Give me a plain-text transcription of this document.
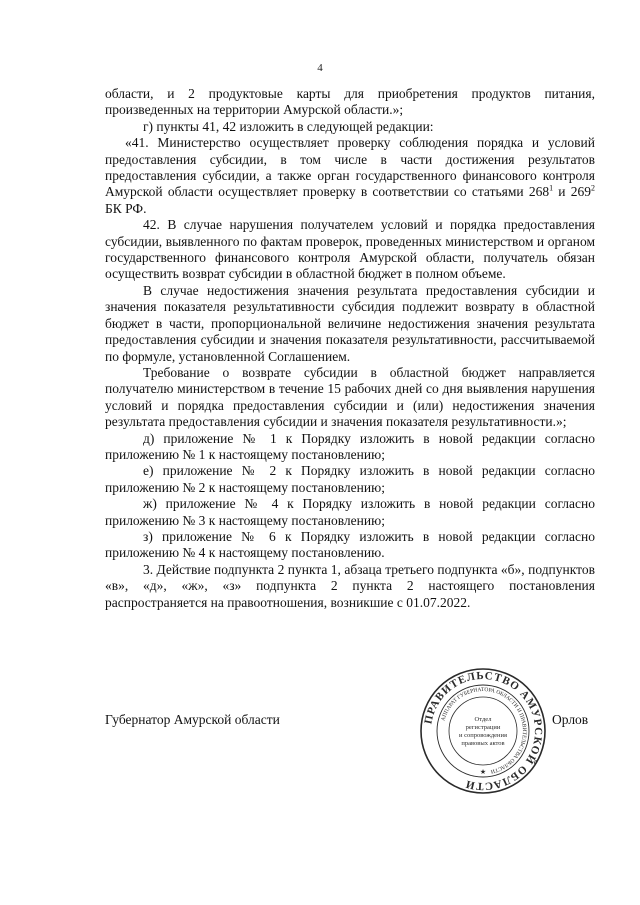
4

области, и 2 продуктовые карты для приобретения продуктов питания, произведенных на территории Амурской области.»;

г) пункты 41, 42 изложить в следующей редакции:

«41. Министерство осуществляет проверку соблюдения порядка и условий предоставления субсидии, в том числе в части достижения результатов предоставления субсидии, а также орган государственного финансового контроля Амурской области осуществляет проверку в соответствии со статьями $268^1$ и $269^2$ БК РФ.

42. В случае нарушения получателем условий и порядка предоставления субсидии, выявленного по фактам проверок, проведенных министерством и органом государственного финансового контроля Амурской области, получатель обязан осуществить возврат субсидии в областной бюджет в полном объеме.

В случае недостижения значения результата предоставления субсидии и значения показателя результативности субсидия подлежит возврату в областной бюджет в части, пропорциональной величине недостижения значения результата предоставления субсидии и значения показателя результативности, рассчитываемой по формуле, установленной Соглашением.

Требование о возврате субсидии в областной бюджет направляется получателю министерством в течение 15 рабочих дней со дня выявления нарушения условий и порядка предоставления субсидии и (или) недостижения значения результата предоставления субсидии и значения показателя результативности.»;

д) приложение № 1 к Порядку изложить в новой редакции согласно приложению № 1 к настоящему постановлению;

е) приложение № 2 к Порядку изложить в новой редакции согласно приложению № 2 к настоящему постановлению;

ж) приложение № 4 к Порядку изложить в новой редакции согласно приложению № 3 к настоящему постановлению;

з) приложение № 6 к Порядку изложить в новой редакции согласно приложению № 4 к настоящему постановлению.

3. Действие подпункта 2 пункта 1, абзаца третьего подпункта «б», подпунктов «в», «д», «ж», «з» подпункта 2 пункта 2 настоящего постановления распространяется на правоотношения, возникшие с 01.07.2022.

Губернатор Амурской области	Орлов
ПРАВИТЕЛЬСТВО АМУРСКОЙ ОБЛАСТИ
АППАРАТ ГУБЕРНАТОРА ОБЛАСТИ И ПРАВИТЕЛЬСТВА ОБЛАСТИ
Отдел
регистрации
и сопровождения
правовых актов
★
